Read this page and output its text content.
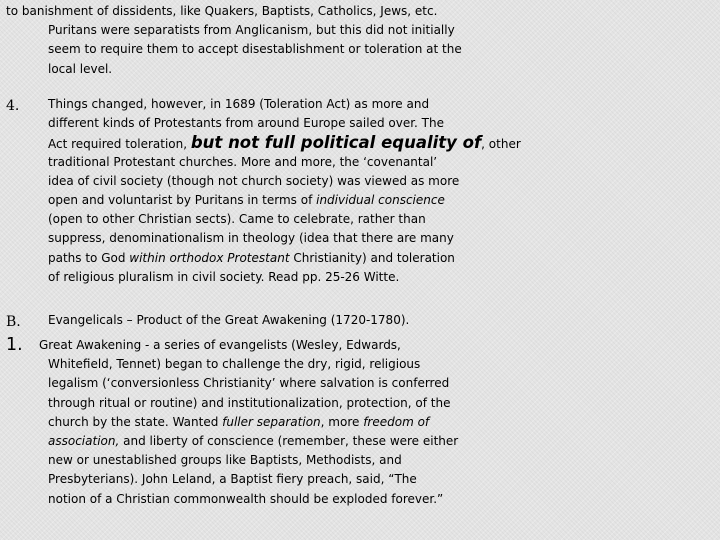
to banishment of dissidents, like Quakers, Baptists, Catholics, Jews, etc.
Puritans were separatists from Anglicanism, but this did not initially
seem to require them to accept disestablishment or toleration at the
local level.
4.	Things changed, however, in 1689 (Toleration Act) as more and
different kinds of Protestants from around Europe sailed over. The
Act required toleration, but not full political equality of, other
traditional Protestant churches. More and more, the ‘covenantal’
idea of civil society (though not church society) was viewed as more
open and voluntarist by Puritans in terms of individual conscience
(open to other Christian sects). Came to celebrate, rather than
suppress, denominationalism in theology (idea that there are many
paths to God within orthodox Protestant Christianity) and toleration
of religious pluralism in civil society. Read pp. 25-26 Witte.
B.	Evangelicals – Product of the Great Awakening (1720-1780).
1.	Great Awakening - a series of evangelists (Wesley, Edwards,
Whitefield, Tennet) began to challenge the dry, rigid, religious
legalism (‘conversionless Christianity’ where salvation is conferred
through ritual or routine) and institutionalization, protection, of the
church by the state. Wanted fuller separation, more freedom of
association, and liberty of conscience (remember, these were either
new or unestablished groups like Baptists, Methodists, and
Presbyterians). John Leland, a Baptist fiery preach, said, “The
notion of a Christian commonwealth should be exploded forever.”
